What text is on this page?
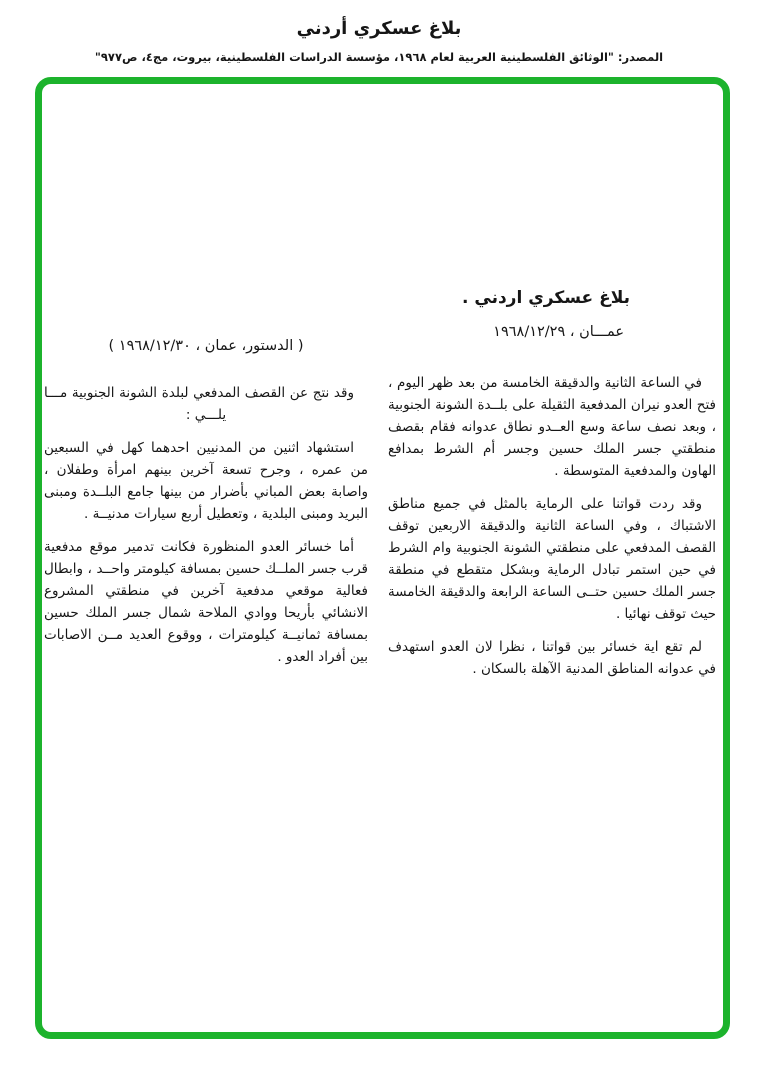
بلاغ عسكري أردني
المصدر: "الوثائق الفلسطينية العربية لعام ١٩٦٨، مؤسسة الدراسات الفلسطينية، بيروت، مج٤، ص٩٧٧"
بلاغ عسكري اردني .
عمـــان ، ١٩٦٨/١٢/٢٩

في الساعة الثانية والدقيقة الخامسة من بعد ظهر اليوم ، فتح العدو نيران المدفعية الثقيلة على بلــدة الشونة الجنوبية ، وبعد نصف ساعة وسع العــدو نطاق عدوانه فقام بقصف منطقتي جسر الملك حسين وجسر أم الشرط بمدافع الهاون والمدفعية المتوسطة .

وقد ردت قواتنا على الرماية بالمثل في جميع مناطق الاشتباك ، وفي الساعة الثانية والدقيقة الاربعين توقف القصف المدفعي على منطقتي الشونة الجنوبية وام الشرط في حين استمر تبادل الرماية وبشكل متقطع في منطقة جسر الملك حسين حتــى الساعة الرابعة والدقيقة الخامسة حيث توقف نهائيا .

لم تقع اية خسائر بين قواتنا ، نظرا لان العدو استهدف في عدوانه المناطق المدنية الآهلة بالسكان .

( الدستور، عمان ، ١٩٦٨/١٢/٣٠ )

وقد نتج عن القصف المدفعي لبلدة الشونة الجنوبية مـــا يلـــي :

استشهاد اثنين من المدنيين احدهما كهل في السبعين من عمره ، وجرح تسعة آخرين بينهم امرأة وطفلان ، واصابة بعض المباني بأضرار من بينها جامع البلــدة ومبنى البريد ومبنى البلدية ، وتعطيل أربع سيارات مدنيــة .

أما خسائر العدو المنظورة فكانت تدمير موقع مدفعية قرب جسر الملــك حسين بمسافة كيلومتر واحــد ، وابطال فعالية موقعي مدفعية آخرين في منطقتي المشروع الانشائي بأريحا ووادي الملاحة شمال جسر الملك حسين بمسافة ثمانيــة كيلومترات ، ووقوع العديد مــن الاصابات بين أفراد العدو .
